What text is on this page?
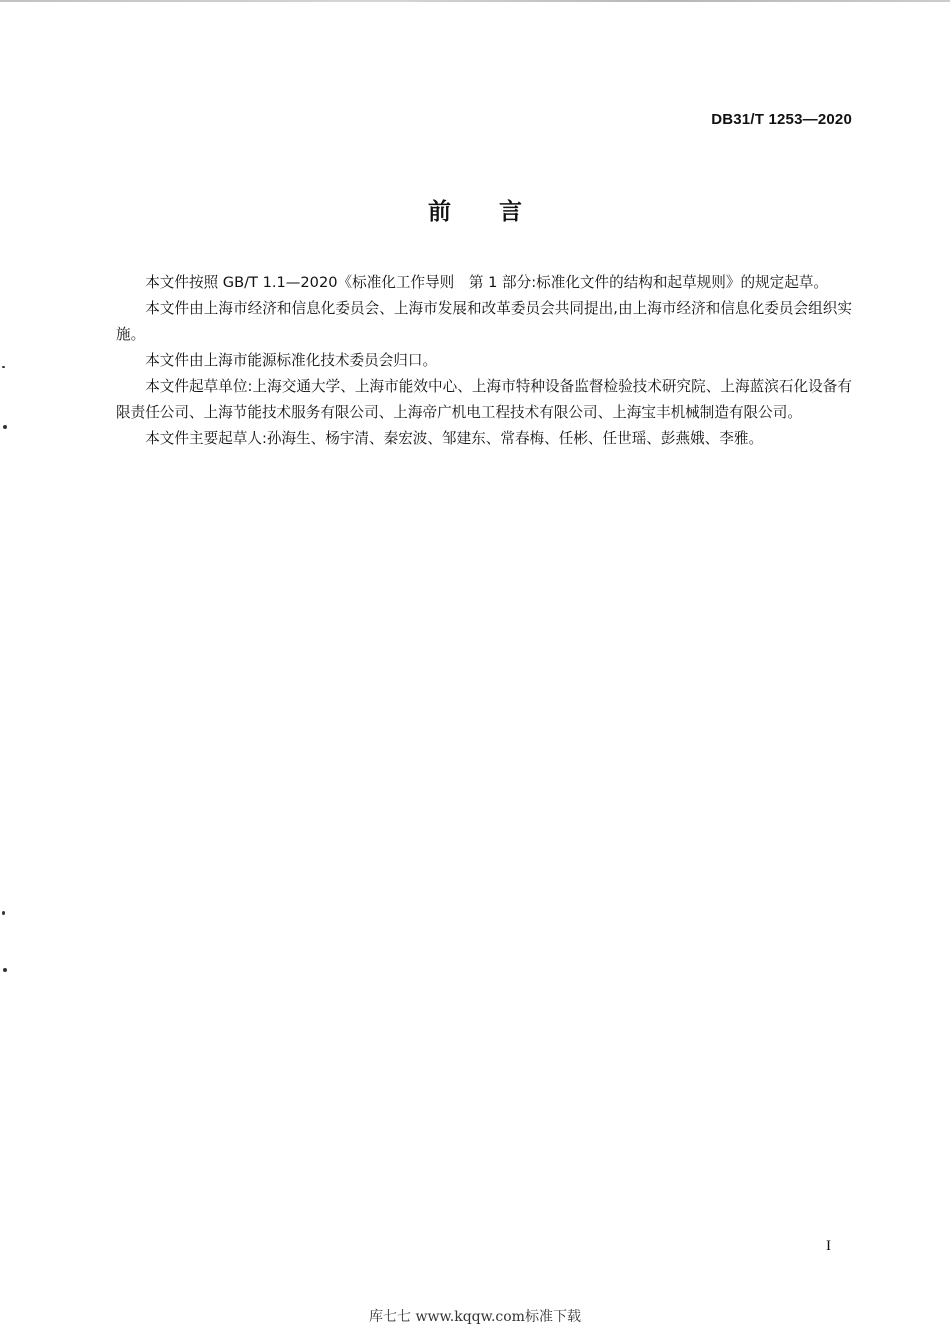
DB31/T 1253—2020
前 言

本文件按照 GB/T 1.1—2020《标准化工作导则　第 1 部分:标准化文件的结构和起草规则》的规定起草。

本文件由上海市经济和信息化委员会、上海市发展和改革委员会共同提出,由上海市经济和信息化委员会组织实施。

本文件由上海市能源标准化技术委员会归口。

本文件起草单位:上海交通大学、上海市能效中心、上海市特种设备监督检验技术研究院、上海蓝滨石化设备有限责任公司、上海节能技术服务有限公司、上海帝广机电工程技术有限公司、上海宝丰机械制造有限公司。

本文件主要起草人:孙海生、杨宇清、秦宏波、邹建东、常春梅、任彬、任世瑶、彭燕娥、李雅。

I
库七七 www.kqqw.com标准下载
